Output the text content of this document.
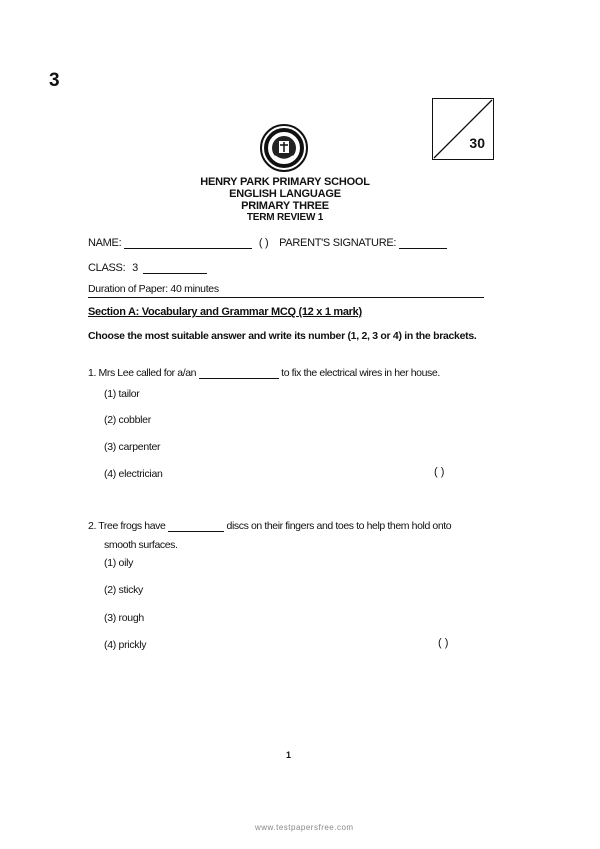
3
30
HENRY PARK PRIMARY SCHOOL
ENGLISH LANGUAGE
PRIMARY THREE
TERM REVIEW 1
NAME:	( ) PARENT'S SIGNATURE:
CLASS: 3
Duration of Paper: 40 minutes
Section A: Vocabulary and Grammar MCQ (12 x 1 mark)
Choose the most suitable answer and write its number (1, 2, 3 or 4) in the brackets.
1. Mrs Lee called for a/an	to fix the electrical wires in her house.
(1) tailor
(2) cobbler
(3) carpenter
(4) electrician	( )
2. Tree frogs have	discs on their fingers and toes to help them hold onto
smooth surfaces.
(1) oily
(2) sticky
(3) rough
(4) prickly	( )
1
www.testpapersfree.com
